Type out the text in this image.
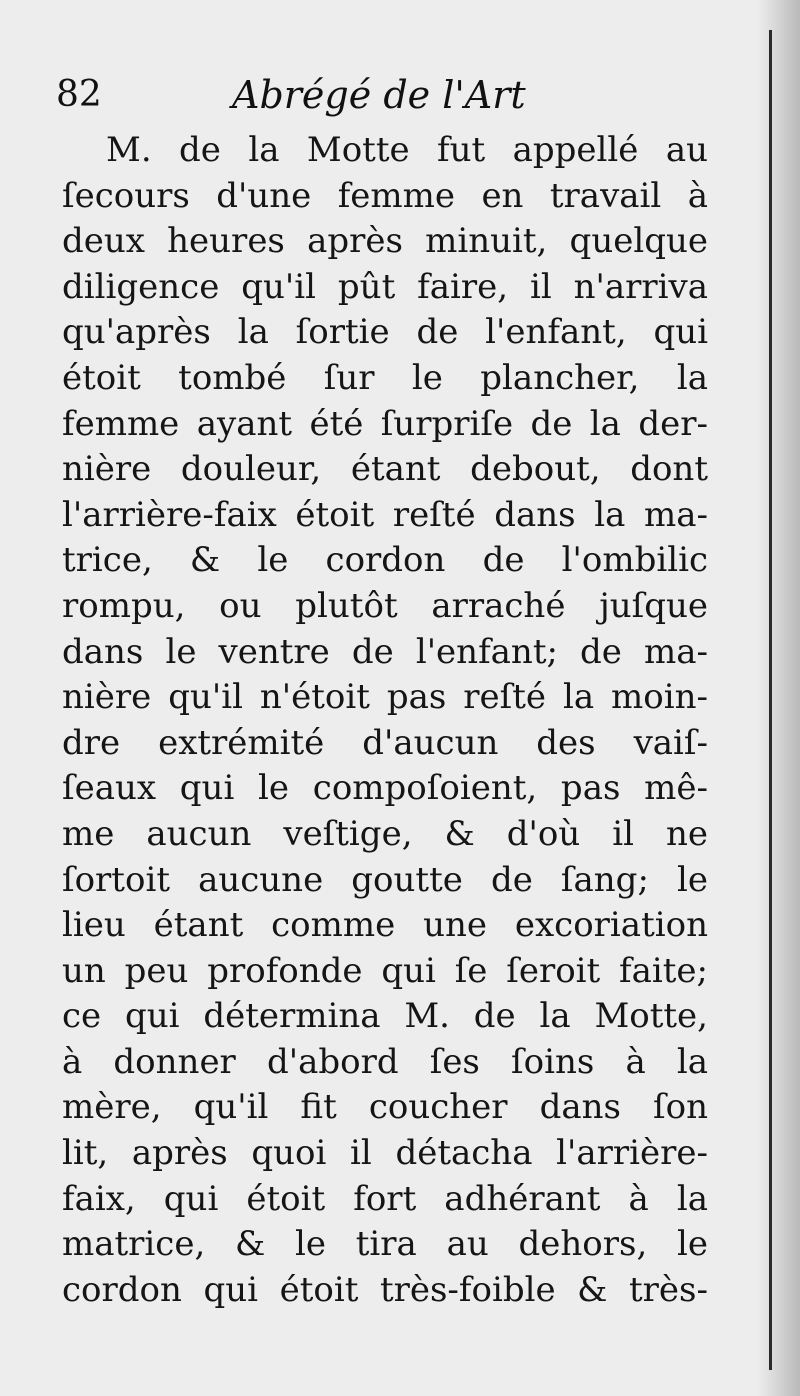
82	Abrégé de l'Art
M. de la Motte fut appellé au
ſecours d'une femme en travail à
deux heures après minuit, quelque
diligence qu'il pût faire, il n'arriva
qu'après la ſortie de l'enfant, qui
étoit tombé ſur le plancher, la
femme ayant été ſurpriſe de la der-
nière douleur, étant debout, dont
l'arrière-faix étoit reſté dans la ma-
trice, & le cordon de l'ombilic
rompu, ou plutôt arraché juſque
dans le ventre de l'enfant; de ma-
nière qu'il n'étoit pas reſté la moin-
dre extrémité d'aucun des vaiſ-
ſeaux qui le compoſoient, pas mê-
me aucun veſtige, & d'où il ne
ſortoit aucune goutte de ſang; le
lieu étant comme une excoriation
un peu profonde qui ſe ſeroit faite;
ce qui détermina M. de la Motte,
à donner d'abord ſes ſoins à la
mère, qu'il fit coucher dans ſon
lit, après quoi il détacha l'arrière-
faix, qui étoit fort adhérant à la
matrice, & le tira au dehors, le
cordon qui étoit très-foible & très-
